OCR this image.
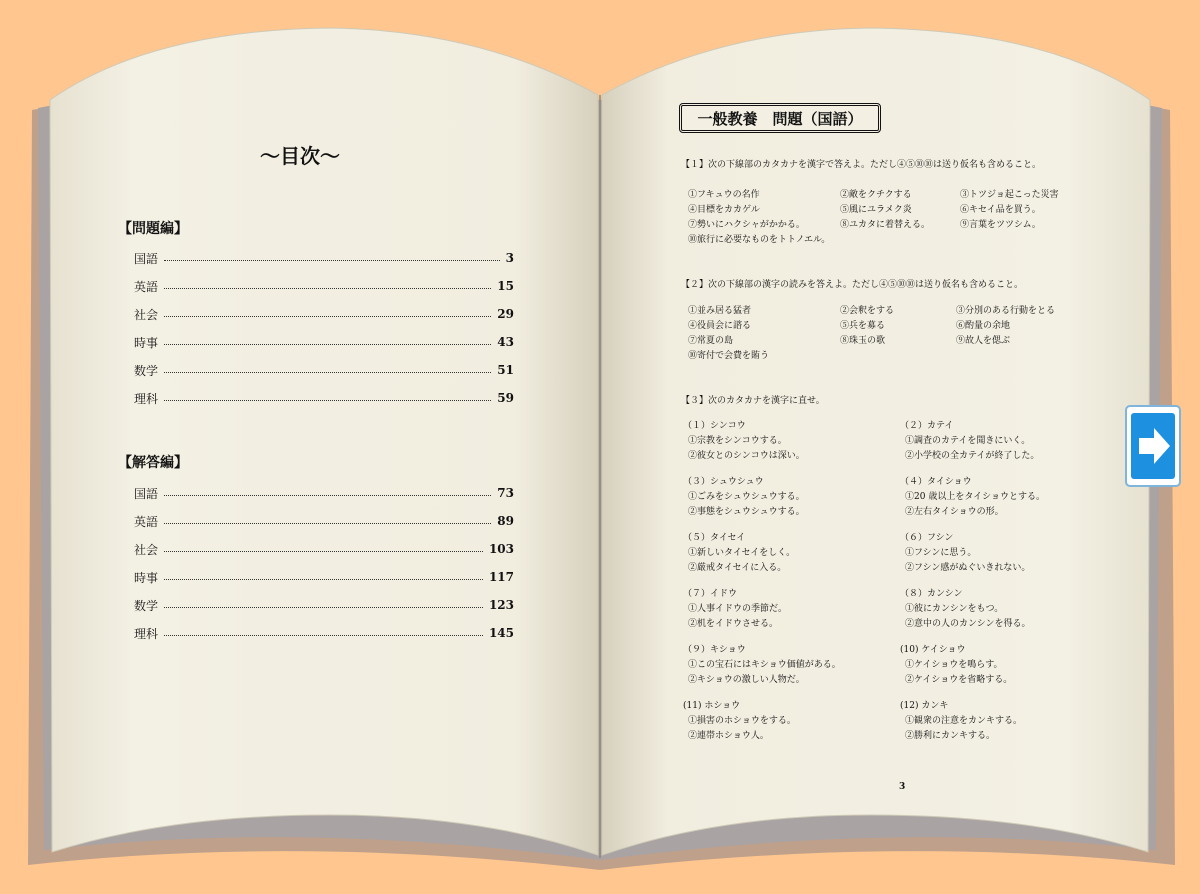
～目次～
【問題編】
国語	3
英語	15
社会	29
時事	43
数学	51
理科	59
【解答編】
国語	73
英語	89
社会	103
時事	117
数学	123
理科	145
一般教養　問題（国語）
【１】次の下線部のカタカナを漢字で答えよ。ただし④⑤⑩⑩は送り仮名も含めること。
①フキュウの名作	②敵をクチクする	③トツジョ起こった災害
④目標をカカゲル	⑤風にユラメク炎	⑥キセイ品を買う。
⑦勢いにハクシャがかかる。	⑧ユカタに着替える。	⑨言葉をツツシム。
⑩旅行に必要なものをトトノエル。
【２】次の下線部の漢字の読みを答えよ。ただし④⑤⑩⑩は送り仮名も含めること。
①並み居る猛者	②会釈をする	③分別のある行動をとる
④役員会に諮る	⑤兵を募る	⑥酌量の余地
⑦常夏の島	⑧珠玉の歌	⑨故人を偲ぶ
⑩寄付で会費を賄う
【３】次のカタカナを漢字に直せ。
（１）シンコウ
①宗教をシンコウする。
②彼女とのシンコウは深い。
（３）シュウシュウ
①ごみをシュウシュウする。
②事態をシュウシュウする。
（５）タイセイ
①新しいタイセイをしく。
②厳戒タイセイに入る。
（７）イドウ
①人事イドウの季節だ。
②机をイドウさせる。
（９）キショウ
①この宝石にはキショウ価値がある。
②キショウの激しい人物だ。
(11) ホショウ
①損害のホショウをする。
②連帯ホショウ人。
（２）カテイ
①調査のカテイを聞きにいく。
②小学校の全カテイが終了した。
（４）タイショウ
①20 歳以上をタイショウとする。
②左右タイショウの形。
（６）フシン
①フシンに思う。
②フシン感がぬぐいきれない。
（８）カンシン
①彼にカンシンをもつ。
②意中の人のカンシンを得る。
(10) ケイショウ
①ケイショウを鳴らす。
②ケイショウを省略する。
(12) カンキ
①観衆の注意をカンキする。
②勝利にカンキする。
3
